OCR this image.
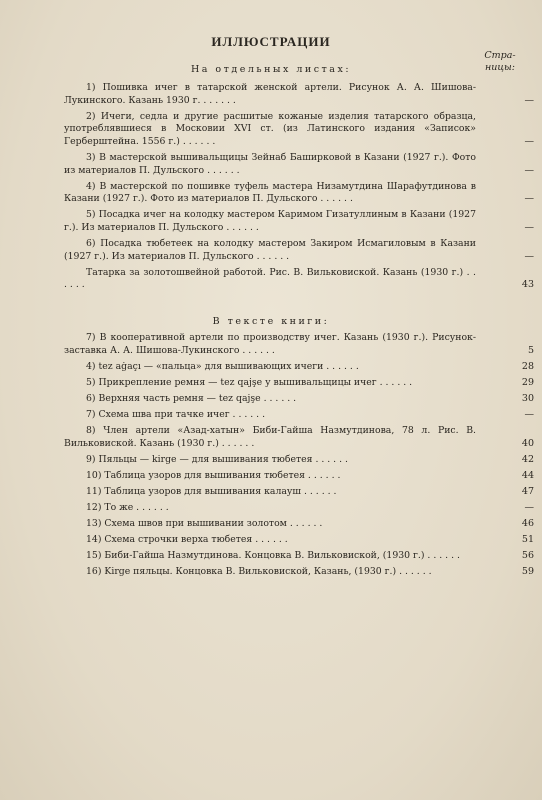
ИЛЛЮСТРАЦИИ
Стра-
ницы:
На отдельных листах:
1) Пошивка ичег в татарской женской артели. Рисунок А. А. Шишова-Лукинского. Казань 1930 г. . . . . . .	—
2) Ичеги, седла и другие расшитые кожаные изделия татарского образца, употреблявшиеся в Московии XVI ст. (из Латинского издания «Записок» Герберштейна. 1556 г.) . . . . . .	—
3) В мастерской вышивальщицы Зейнаб Баширковой в Казани (1927 г.). Фото из материалов П. Дульского . . . . . .	—
4) В мастерской по пошивке туфель мастера Низамутдина Шарафутдинова в Казани (1927 г.). Фото из материалов П. Дульского . . . . . .	—
5) Посадка ичег на колодку мастером Каримом Гизатуллиным в Казани (1927 г.). Из материалов П. Дульского . . . . . .	—
6) Посадка тюбетеек на колодку мастером Закиром Исмагиловым в Казани (1927 г.). Из материалов П. Дульского . . . . . .	—
Татарка за золотошвейной работой. Рис. В. Вильковиской. Казань (1930 г.) . . . . . .	43
В тексте книги:
7) В кооперативной артели по производству ичег. Казань (1930 г.). Рисунок-заставка А. А. Шишова-Лукинского . . . . . .	5
4) tez aġaçı — «пальца» для вышивающих ичеги . . . . . .	28
5) Прикрепление ремня — tez qajşe у вышивальщицы ичег . . . . . .	29
6) Верхняя часть ремня — tez qajşe . . . . . .	30
7) Схема шва при тачке ичег . . . . . .	—
8) Член артели «Азад-хатын» Биби-Гайша Назмутдинова, 78 л. Рис. В. Вильковиской. Казань (1930 г.) . . . . . .	40
9) Пяльцы — kirge — для вышивания тюбетея . . . . . .	42
10) Таблица узоров для вышивания тюбетея . . . . . .	44
11) Таблица узоров для вышивания калауш . . . . . .	47
12) То же . . . . . .	—
13) Схема швов при вышивании золотом . . . . . .	46
14) Схема строчки верха тюбетея . . . . . .	51
15) Биби-Гайша Назмутдинова. Концовка В. Вильковиской, (1930 г.) . . . . . .	56
16) Kirge пяльцы. Концовка В. Вильковиской, Казань, (1930 г.) . . . . . .	59
